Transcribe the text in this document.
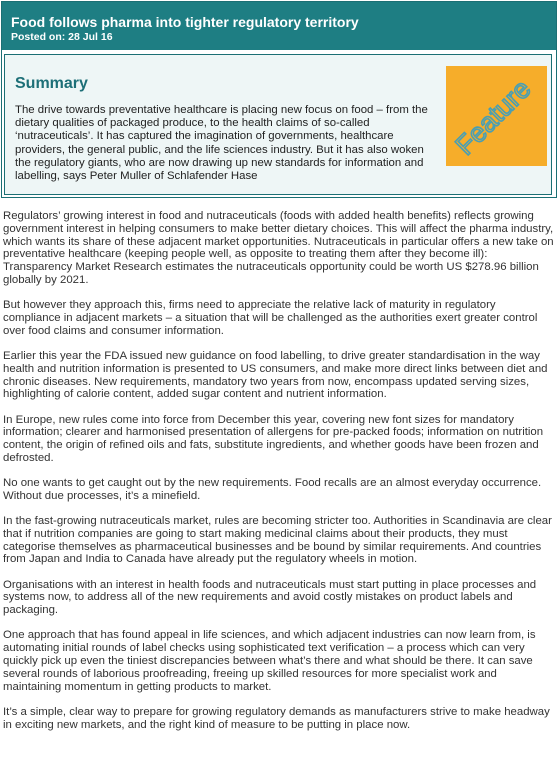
Food follows pharma into tighter regulatory territory
Posted on: 28 Jul 16
Summary

The drive towards preventative healthcare is placing new focus on food – from the dietary qualities of packaged produce, to the health claims of so-called ‘nutraceuticals’. It has captured the imagination of governments, healthcare providers, the general public, and the life sciences industry. But it has also woken the regulatory giants, who are now drawing up new standards for information and labelling, says Peter Muller of Schlafender Hase

Feature

Regulators’ growing interest in food and nutraceuticals (foods with added health benefits) reflects growing government interest in helping consumers to make better dietary choices. This will affect the pharma industry, which wants its share of these adjacent market opportunities. Nutraceuticals in particular offers a new take on preventative healthcare (keeping people well, as opposite to treating them after they become ill): Transparency Market Research estimates the nutraceuticals opportunity could be worth US $278.96 billion globally by 2021.

But however they approach this, firms need to appreciate the relative lack of maturity in regulatory compliance in adjacent markets – a situation that will be challenged as the authorities exert greater control over food claims and consumer information.

Earlier this year the FDA issued new guidance on food labelling, to drive greater standardisation in the way health and nutrition information is presented to US consumers, and make more direct links between diet and chronic diseases. New requirements, mandatory two years from now, encompass updated serving sizes, highlighting of calorie content, added sugar content and nutrient information.

In Europe, new rules come into force from December this year, covering new font sizes for mandatory information; clearer and harmonised presentation of allergens for pre-packed foods; information on nutrition content, the origin of refined oils and fats, substitute ingredients, and whether goods have been frozen and defrosted.

No one wants to get caught out by the new requirements. Food recalls are an almost everyday occurrence. Without due processes, it’s a minefield.

In the fast-growing nutraceuticals market, rules are becoming stricter too. Authorities in Scandinavia are clear that if nutrition companies are going to start making medicinal claims about their products, they must categorise themselves as pharmaceutical businesses and be bound by similar requirements. And countries from Japan and India to Canada have already put the regulatory wheels in motion.

Organisations with an interest in health foods and nutraceuticals must start putting in place processes and systems now, to address all of the new requirements and avoid costly mistakes on product labels and packaging.

One approach that has found appeal in life sciences, and which adjacent industries can now learn from, is automating initial rounds of label checks using sophisticated text verification – a process which can very quickly pick up even the tiniest discrepancies between what’s there and what should be there. It can save several rounds of laborious proofreading, freeing up skilled resources for more specialist work and maintaining momentum in getting products to market.

It’s a simple, clear way to prepare for growing regulatory demands as manufacturers strive to make headway in exciting new markets, and the right kind of measure to be putting in place now.
